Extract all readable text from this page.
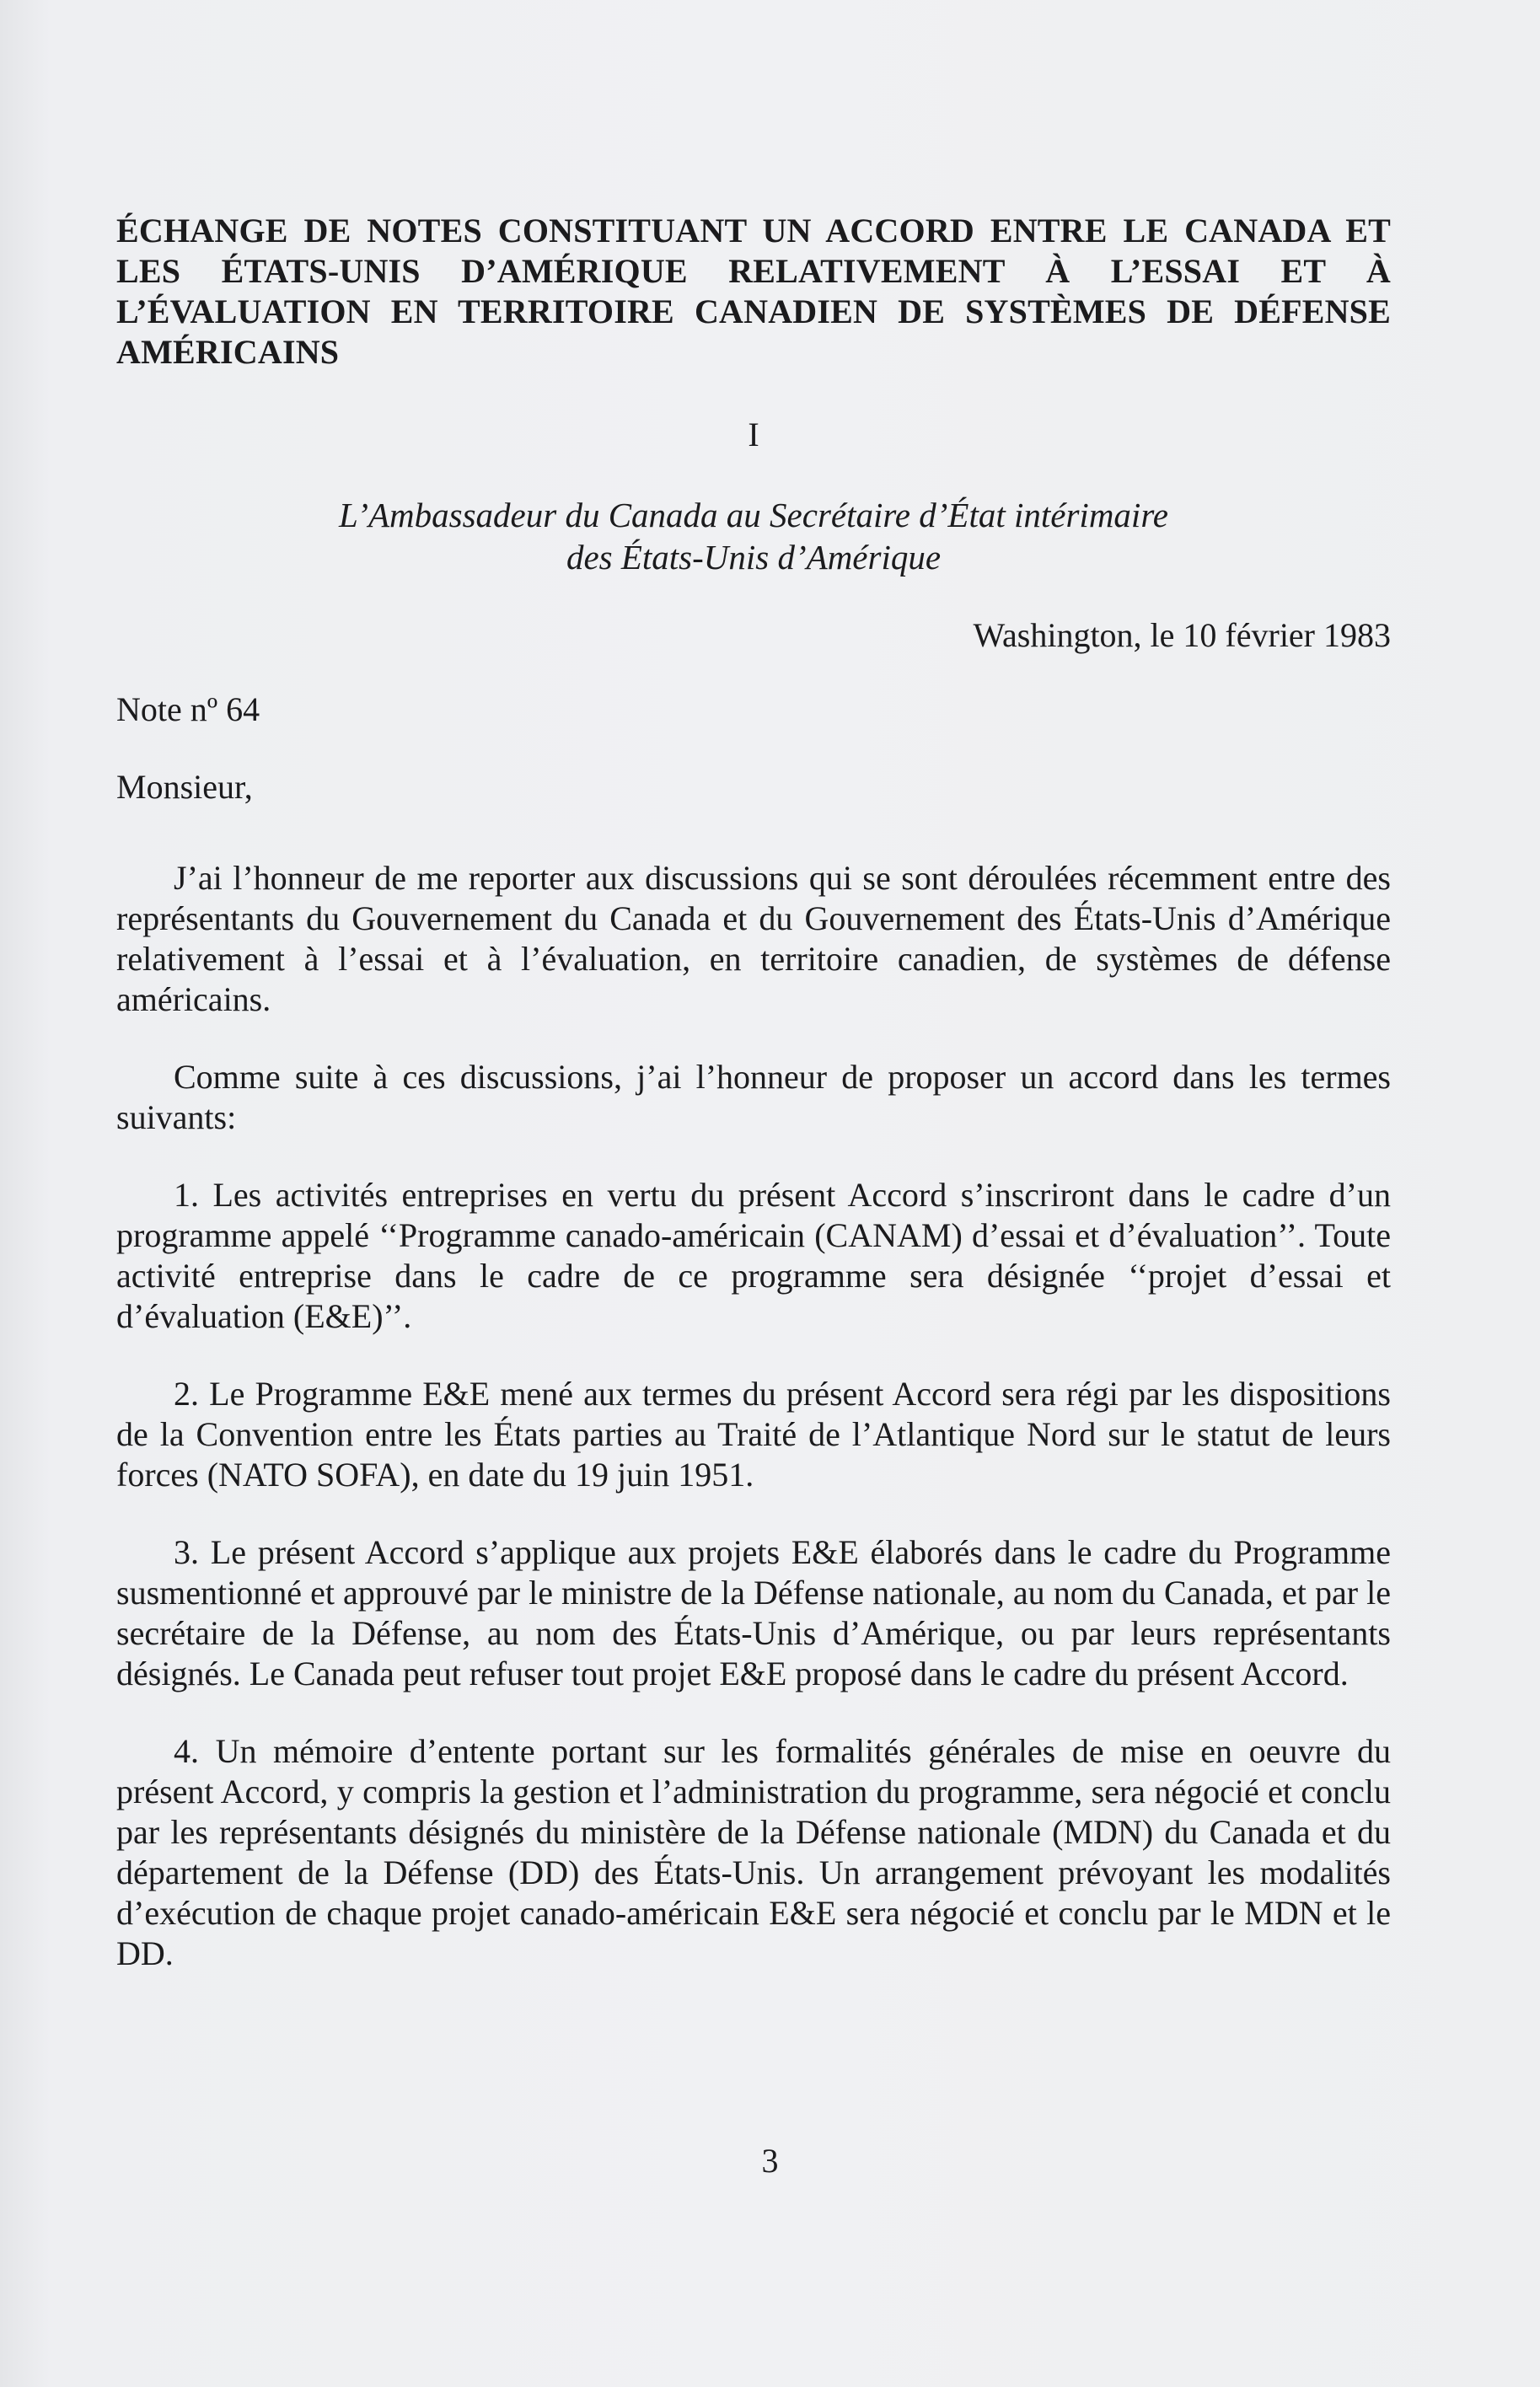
ÉCHANGE DE NOTES CONSTITUANT UN ACCORD ENTRE LE CANADA ET LES ÉTATS-UNIS D’AMÉRIQUE RELATIVEMENT À L’ESSAI ET À L’ÉVALUATION EN TERRITOIRE CANADIEN DE SYSTÈMES DE DÉFENSE AMÉRICAINS

I
L’Ambassadeur du Canada au Secrétaire d’État intérimaire
des États-Unis d’Amérique
Washington, le 10 février 1983
Note nº 64
Monsieur,

J’ai l’honneur de me reporter aux discussions qui se sont déroulées récemment entre des représentants du Gouvernement du Canada et du Gouvernement des États-Unis d’Amérique relativement à l’essai et à l’évaluation, en territoire canadien, de systèmes de défense américains.

Comme suite à ces discussions, j’ai l’honneur de proposer un accord dans les termes suivants:

1. Les activités entreprises en vertu du présent Accord s’inscriront dans le cadre d’un programme appelé ‘‘Programme canado-américain (CANAM) d’essai et d’évaluation’’. Toute activité entreprise dans le cadre de ce programme sera désignée ‘‘projet d’essai et d’évaluation (E&E)’’.

2. Le Programme E&E mené aux termes du présent Accord sera régi par les dispositions de la Convention entre les États parties au Traité de l’Atlantique Nord sur le statut de leurs forces (NATO SOFA), en date du 19 juin 1951.

3. Le présent Accord s’applique aux projets E&E élaborés dans le cadre du Programme susmentionné et approuvé par le ministre de la Défense nationale, au nom du Canada, et par le secrétaire de la Défense, au nom des États-Unis d’Amérique, ou par leurs représentants désignés. Le Canada peut refuser tout projet E&E proposé dans le cadre du présent Accord.

4. Un mémoire d’entente portant sur les formalités générales de mise en oeuvre du présent Accord, y compris la gestion et l’administration du programme, sera négocié et conclu par les représentants désignés du ministère de la Défense nationale (MDN) du Canada et du département de la Défense (DD) des États-Unis. Un arrangement prévoyant les modalités d’exécution de chaque projet canado-américain E&E sera négocié et conclu par le MDN et le DD.

3
